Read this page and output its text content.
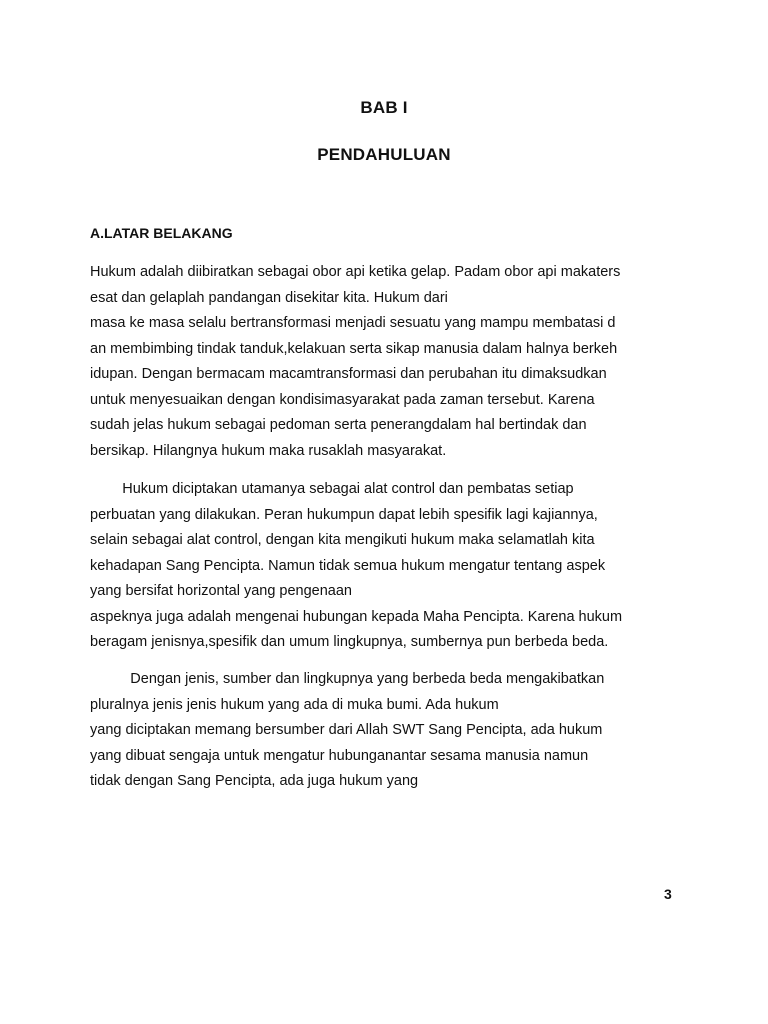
BAB I
PENDAHULUAN
A.LATAR BELAKANG
Hukum adalah diibiratkan sebagai obor api ketika gelap. Padam obor api makaters
esat dan gelaplah pandangan disekitar kita. Hukum dari
masa ke masa selalu bertransformasi menjadi sesuatu yang mampu membatasi d
an membimbing tindak tanduk,kelakuan serta sikap manusia dalam halnya berkeh
idupan. Dengan bermacam macamtransformasi dan perubahan itu dimaksudkan
untuk menyesuaikan dengan kondisimasyarakat pada zaman tersebut. Karena
sudah jelas hukum sebagai pedoman serta penerangdalam hal bertindak dan
bersikap. Hilangnya hukum maka rusaklah masyarakat.
Hukum diciptakan utamanya sebagai alat control dan pembatas setiap
perbuatan yang dilakukan. Peran hukumpun dapat lebih spesifik lagi kajiannya,
selain sebagai alat control, dengan kita mengikuti hukum maka selamatlah kita
kehadapan Sang Pencipta. Namun tidak semua hukum mengatur tentang aspek
yang bersifat horizontal yang pengenaan
aspeknya juga adalah mengenai hubungan kepada Maha Pencipta. Karena hukum
beragam jenisnya,spesifik dan umum lingkupnya, sumbernya pun berbeda beda.
Dengan jenis, sumber dan lingkupnya yang berbeda beda mengakibatkan
pluralnya jenis jenis hukum yang ada di muka bumi. Ada hukum
yang diciptakan memang bersumber dari Allah SWT Sang Pencipta, ada hukum
yang dibuat sengaja untuk mengatur hubunganantar sesama manusia namun
tidak dengan Sang Pencipta, ada juga hukum yang
3
